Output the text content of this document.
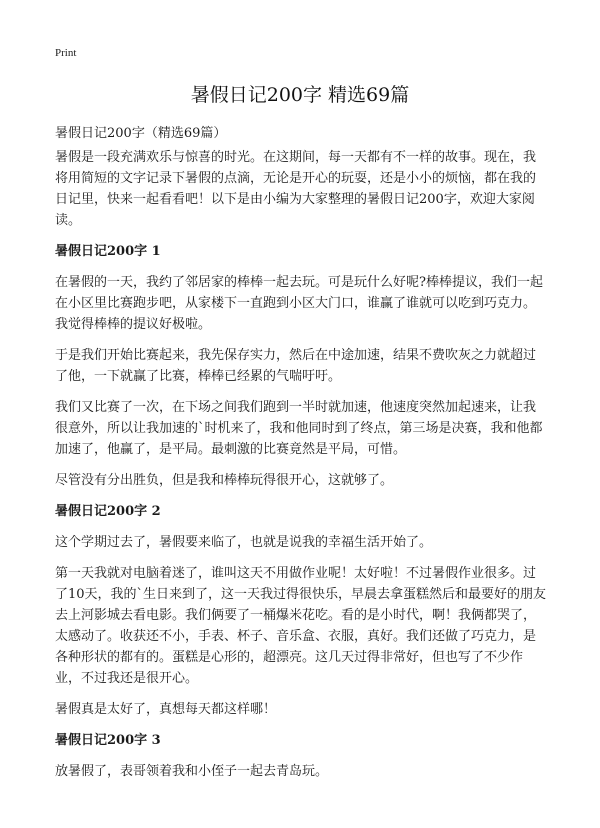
Print
暑假日记200字 精选69篇
暑假日记200字（精选69篇）

暑假是一段充满欢乐与惊喜的时光。在这期间，每一天都有不一样的故事。现在，我将用简短的文字记录下暑假的点滴，无论是开心的玩耍，还是小小的烦恼，都在我的日记里，快来一起看看吧！以下是由小编为大家整理的暑假日记200字，欢迎大家阅读。

暑假日记200字 1

在暑假的一天，我约了邻居家的棒棒一起去玩。可是玩什么好呢?棒棒提议，我们一起在小区里比赛跑步吧，从家楼下一直跑到小区大门口，谁赢了谁就可以吃到巧克力。我觉得棒棒的提议好极啦。

于是我们开始比赛起来，我先保存实力，然后在中途加速，结果不费吹灰之力就超过了他，一下就赢了比赛，棒棒已经累的气喘吁吁。

我们又比赛了一次，在下场之间我们跑到一半时就加速，他速度突然加起速来，让我很意外，所以让我加速的`时机来了，我和他同时到了终点，第三场是决赛，我和他都加速了，他赢了，是平局。最刺激的比赛竟然是平局，可惜。

尽管没有分出胜负，但是我和棒棒玩得很开心，这就够了。

暑假日记200字 2

这个学期过去了，暑假要来临了，也就是说我的幸福生活开始了。

第一天我就对电脑着迷了，谁叫这天不用做作业呢！太好啦！不过暑假作业很多。过了10天，我的`生日来到了，这一天我过得很快乐，早晨去拿蛋糕然后和最要好的朋友去上河影城去看电影。我们俩要了一桶爆米花吃。看的是小时代，啊！我俩都哭了，太感动了。收获还不小，手表、杯子、音乐盒、衣服，真好。我们还做了巧克力，是各种形状的都有的。蛋糕是心形的，超漂亮。这几天过得非常好，但也写了不少作业，不过我还是很开心。

暑假真是太好了，真想每天都这样哪！

暑假日记200字 3

放暑假了，表哥领着我和小侄子一起去青岛玩。
